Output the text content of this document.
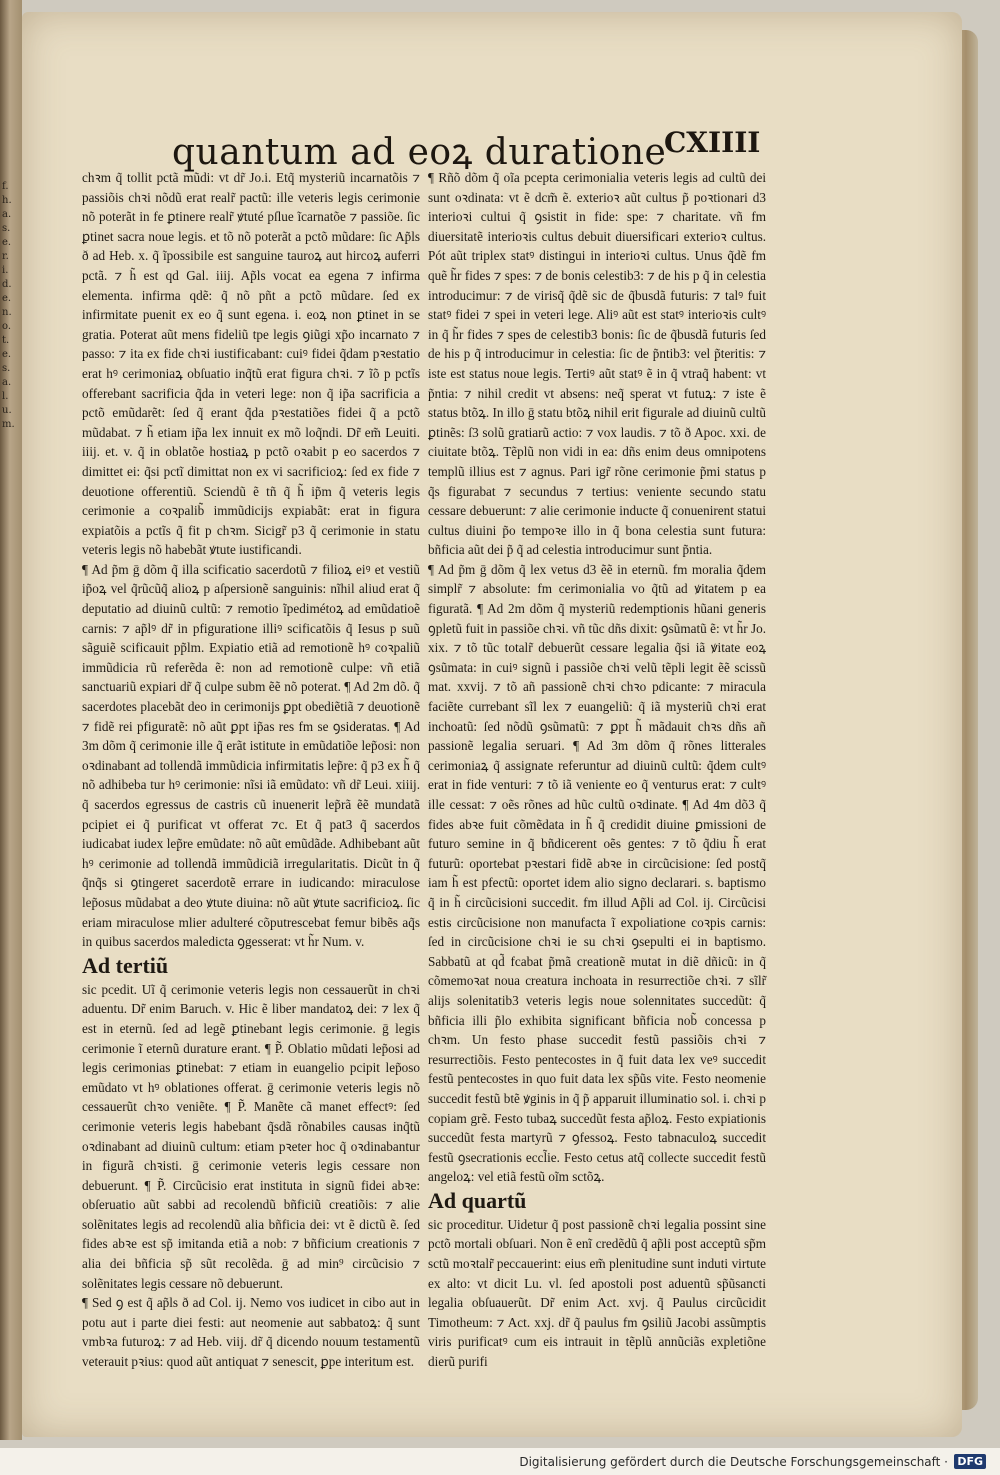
f. h. a. s. e. r. i. d. e. n. o. t. e. s. a. l. u. m.
quantum ad eoꝝ duratione
CXIIII

chꝛm q̃ tollit pctã mũdi: vt dr̃ Jo.i. Etq̃ mysteriũ incarnatõis ⁊ passiõis chꝛi nõdũ erat realr̃ pactũ: ille veteris legis cerimonie nõ poterãt in fe ꝑtinere realr̃ ꝟtuté pſlue ĩcarnatõe ⁊ passiõe. ſic ꝑtinet sacra noue legis. et tõ nõ poterãt a pctõ mũdare: ſic Ap̃ls ð ad Heb. x. q̃ ĩpossibile est sanguine tauroꝝ aut hircoꝝ auferri pctã. ⁊ h̃ est qd Gal. iiij. Ap̃ls vocat ea egena ⁊ infirma elementa. infirma qdẽ: q̃ nõ pñt a pctõ mũdare. ſed ex infirmitate puenit ex eo q̃ sunt egena. i. eoꝝ non ꝑtinet in se gratia. Poterat aũt mens fideliũ tpe legis ꝯiũgi xp̃o incarnato ⁊ passo: ⁊ ita ex fide chꝛi iustificabant: cuiꝰ fidei q̃dam pꝛestatio erat hꝰ cerimoniaꝝ obſuatio inq̃tũ erat figura chꝛi. ⁊ ĩõ p pctĩs offerebant sacrificia q̃da in veteri lege: non q̃ ip̃a sacrificia a pctõ emũdarẽt: ſed q̃ erant q̃da pꝛestatiões fidei q̃ a pctõ mũdabat. ⁊ h̃ etiam ip̃a lex innuit ex mõ loq̃ndi. Dr̃ em̃ Leuiti. iiij. et. v. q̃ in oblatõe hostiaꝝ p pctõ oꝛabit p eo sacerdos ⁊ dimittet ei: q̃si pctĩ dimittat non ex vi sacrificioꝝ: ſed ex fide ⁊ deuotione offerentiũ. Sciendũ ẽ tñ q̃ h̃ ip̃m q̃ veteris legis cerimonie a coꝛpalib̃ immũdicijs expiabãt: erat in figura expiatõis a pctĩs q̃ fit p chꝛm. Sicigr̃ p3 q̃ cerimonie in statu veteris legis nõ habebãt ꝟtute iustificandi.

¶ Ad p̃m ḡ dõm q̃ illa scificatio sacerdotũ ⁊ filioꝝ eiꝰ et vestiũ ip̃oꝝ vel q̃rũcũq̃ alioꝝ p aſpersionẽ sanguinis: nĩhil aliud erat q̃ deputatio ad diuinũ cultũ: ⁊ remotio ĩpedimétoꝝ ad emũdatioẽ carnis: ⁊ ap̃lꝰ dr̃ in pfiguratione illiꝰ scificatõis q̃ Iesus p suũ sãguiẽ scificauit pp̃lm. Expiatio etiã ad remotionẽ hꝰ coꝛpaliũ immũdicia rũ referẽda ẽ: non ad remotionẽ culpe: vñ etiã sanctuariũ expiari dr̃ q̃ culpe subm ẽẽ nõ poterat. ¶ Ad 2m dõ. q̃ sacerdotes placebãt deo in cerimonijs ꝑpt obediẽtiã ⁊ deuotionẽ ⁊ fidẽ rei pfiguratẽ: nõ aũt ꝑpt ip̃as res fm se ꝯsideratas. ¶ Ad 3m dõm q̃ cerimonie ille q̃ erãt istitute in emũdatiõe lep̃osi: non oꝛdinabant ad tollendã immũdicia infirmitatis lep̃re: q̃ p3 ex h̃ q̃ nõ adhibeba tur hꝰ cerimonie: nĩsi iã emũdato: vñ dr̃ Leui. xiiij. q̃ sacerdos egressus de castris cũ inuenerit lep̃rã ẽẽ mundatã pcipiet ei q̃ purificat vt offerat ⁊c. Et q̃ pat3 q̃ sacerdos iudicabat iudex lep̃re emũdate: nõ aũt emũdãde. Adhibebant aũt hꝰ cerimonie ad tollendã immũdiciã irregularitatis. Dicũt ṫn q̃ q̃nq̃s si ꝯtingeret sacerdotẽ errare in iudicando: miraculose lep̃osus mũdabat a deo ꝟtute diuina: nõ aũt ꝟtute sacrificioꝝ. ſic eriam miraculose mlier adulteré cõputrescebat femur bibẽs aq̃s in quibus sacerdos maledicta ꝯgesserat: vt h̃r Num. v.

Ad tertiũ

sic pcedit. Uĩ q̃ cerimonie veteris legis non cessauerũt in chꝛi aduentu. Dr̃ enim Baruch. v. Hic ẽ liber mandatoꝝ dei: ⁊ lex q̃ est in eternũ. ſed ad legẽ ꝑtinebant legis cerimonie. ḡ legis cerimonie ĩ eternũ durature erant. ¶ P̃. Oblatio mũdati lep̃osi ad legis cerimonias ꝑtinebat: ⁊ etiam in euangelio pcipit lep̃oso emũdato vt hꝰ oblationes offerat. ḡ cerimonie veteris legis nõ cessauerũt chꝛo veniẽte. ¶ P̃. Manẽte cã manet effectꝰ: ſed cerimonie veteris legis habebant q̃sdã rõnabiles causas inq̃tũ oꝛdinabant ad diuinũ cultum: etiam pꝛeter hoc q̃ oꝛdinabantur in figurã chꝛisti. ḡ cerimonie veteris legis cessare non debuerunt. ¶ P̃. Circũcisio erat instituta in signũ fidei abꝛe: obſeruatio aũt sabbi ad recolendũ bñficiũ creatiõis: ⁊ alie solẽnitates legis ad recolendũ alia bñficia dei: vt ẽ dictũ ẽ. ſed fides abꝛe est sp̃ imitanda etiã a nob: ⁊ bñficium creationis ⁊ alia dei bñficia sp̃ sũt recolẽda. ḡ ad min⁹ circũcisio ⁊ solẽnitates legis cessare nõ debuerunt.

¶ Sed ꝯ est q̃ ap̃ls ð ad Col. ij. Nemo vos iudicet in cibo aut in potu aut i parte diei festi: aut neomenie aut sabbatoꝝ: q̃ sunt vmbꝛa futuroꝝ: ⁊ ad Heb. viij. dr̃ q̃ dicendo nouum testamentũ veterauit pꝛius: quod aũt antiquat ⁊ senescit, ꝑpe interitum est.

¶ Rñõ dõm q̃ oĩa pcepta cerimonialia veteris legis ad cultũ dei sunt oꝛdinata: vt ẽ dcm̃ ẽ. exterioꝛ aũt cultus p̃ poꝛtionari d3 interioꝛi cultui q̃ ꝯsistit in fide: spe: ⁊ charitate. vñ fm diuersitatẽ interioꝛis cultus debuit diuersificari exterioꝛ cultus. Pót aũt triplex statꝰ distingui in interioꝛi cultus. Unus q̃dẽ fm quẽ h̃r fides ⁊ spes: ⁊ de bonis celestib3: ⁊ de his p q̃ in celestia introducimur: ⁊ de virisq̃ q̃dẽ sic de q̃busdã futuris: ⁊ talꝰ fuit statꝰ fidei ⁊ spei in veteri lege. Aliꝰ aũt est statꝰ interioꝛis cultꝰ in q̃ h̃r fides ⁊ spes de celestib3 bonis: ſic de q̃busdã futuris ſed de his p q̃ introducimur in celestia: ſic de p̃ntib3: vel p̃teritis: ⁊ iste est status noue legis. Tertiꝰ aũt statꝰ ẽ in q̃ vtraq̃ habent: vt p̃ntia: ⁊ nihil credit vt absens: neq̃ sperat vt futuꝝ: ⁊ iste ẽ status btõꝝ. In illo ḡ statu btõꝝ nihil erit figurale ad diuinũ cultũ ꝑtinẽs: ſ3 solũ gratiarũ actio: ⁊ vox laudis. ⁊ tõ ð Apoc. xxi. de ciuitate btõꝝ. Tẽplũ non vidi in ea: dñs enim deus omnipotens templũ illius est ⁊ agnus. Pari igr̃ rõne cerimonie p̃mi status p q̃s figurabat ⁊ secundus ⁊ tertius: veniente secundo statu cessare debuerunt: ⁊ alie cerimonie inducte q̃ conuenirent statui cultus diuini p̃o tempoꝛe illo in q̃ bona celestia sunt futura: bñficia aũt dei p̃ q̃ ad celestia introducimur sunt p̃ntia.

¶ Ad p̃m ḡ dõm q̃ lex vetus d3 ẽẽ in eternũ. fm moralia q̃dem simplr̃ ⁊ absolute: fm cerimonialia vo q̃tũ ad ꝟitatem p ea figuratã. ¶ Ad 2m dõm q̃ mysteriũ redemptionis hũani generis ꝯpletũ fuit in passiõe chꝛi. vñ tũc dñs dixit: ꝯsũmatũ ẽ: vt h̃r Jo. xix. ⁊ tõ tũc totalr̃ debuerũt cessare legalia q̃si iã ꝟitate eoꝝ ꝯsũmata: in cuiꝰ signũ i passiõe chꝛi velũ tẽpli legit ẽẽ scissũ mat. xxvij. ⁊ tõ añ passionẽ chꝛi chꝛo pdicante: ⁊ miracula faciẽte currebant sĩl lex ⁊ euangeliũ: q̃ iã mysteriũ chꝛi erat inchoatũ: ſed nõdũ ꝯsũmatũ: ⁊ ꝑpt h̃ mãdauit chꝛs dñs añ passionẽ legalia seruari. ¶ Ad 3m dõm q̃ rõnes litterales cerimoniaꝝ q̃ assignate referuntur ad diuinũ cultũ: q̃dem cultꝰ erat in fide venturi: ⁊ tõ iã veniente eo q̃ venturus erat: ⁊ cultꝰ ille cessat: ⁊ oẽs rõnes ad hũc cultũ oꝛdinate. ¶ Ad 4m dõ3 q̃ fides abꝛe fuit cõmẽdata in h̃ q̃ credidit diuine ꝑmissioni de futuro semine in q̃ bñdicerent oẽs gentes: ⁊ tõ q̃diu h̃ erat futurũ: oportebat pꝛestari fidẽ abꝛe in circũcisione: ſed postq̃ iam h̃ est pfectũ: oportet idem alio signo declarari. s. baptismo q̃ in h̃ circũcisioni succedit. fm illud Ap̃li ad Col. ij. Circũcisi estis circũcisione non manufacta ĩ expoliatione coꝛpis carnis: ſed in circũcisione chꝛi ie su chꝛi ꝯsepulti ei in baptismo. Sabbatũ at qd̃ fcabat p̃mã creationẽ mutat in diẽ dñicũ: in q̃ cõmemoꝛat noua creatura inchoata in resurrectiõe chꝛi. ⁊ sĩlr̃ alijs solenitatib3 veteris legis noue solennitates succedũt: q̃ bñficia illi p̃lo exhibita significant bñficia nob̃ concessa p chꝛm. Un festo phase succedit festũ passiõis chꝛi ⁊ resurrectiõis. Festo pentecostes in q̃ fuit data lex veꝰ succedit festũ pentecostes in quo fuit data lex sp̃ũs vite. Festo neomenie succedit festũ btẽ ꝟginis in q̃ p̃ apparuit illuminatio sol. i. chꝛi p copiam grẽ. Festo tubaꝝ succedũt festa ap̃loꝝ. Festo expiationis succedũt festa martyrũ ⁊ ꝯfessoꝝ. Festo tabnaculoꝝ succedit festũ ꝯsecrationis eccl̃ie. Festo cetus atq̃ collecte succedit festũ angeloꝝ: vel etiã festũ oĩm sctõꝝ.

Ad quartũ

sic proceditur. Uidetur q̃ post passionẽ chꝛi legalia possint sine pctõ mortali obſuari. Non ẽ enĩ credẽdũ q̃ ap̃li post acceptũ sp̃m sctũ moꝛtalr̃ peccauerint: eius em̃ plenitudine sunt induti virtute ex alto: vt dicit Lu. vl. ſed apostoli post aduentũ sp̃ũsancti legalia obſuauerũt. Dr̃ enim Act. xvj. q̃ Paulus circũcidit Timotheum: ⁊ Act. xxj. dr̃ q̃ paulus fm ꝯsiliũ Jacobi assũmptis viris purificatꝰ cum eis intrauit in tẽplũ annũciãs expletiõne dierũ purifi

Digitalisierung gefördert durch die Deutsche Forschungsgemeinschaft · DFG
